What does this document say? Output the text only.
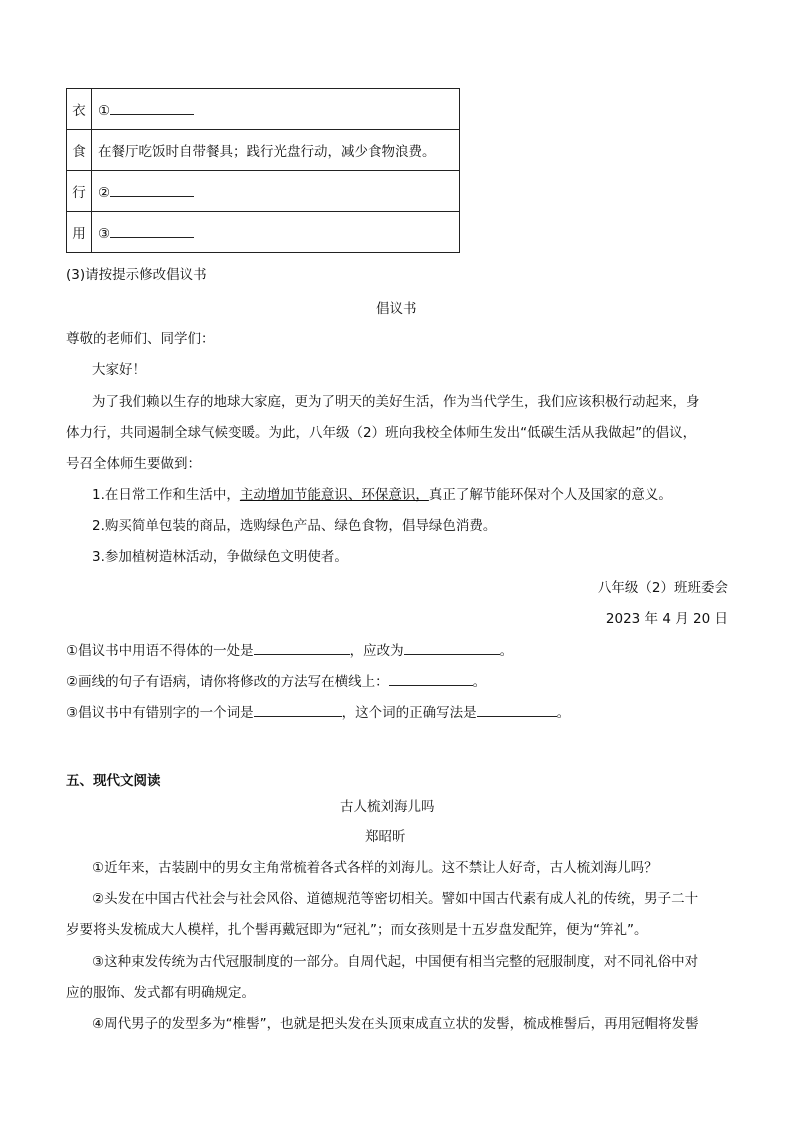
衣	①
食	在餐厅吃饭时自带餐具；践行光盘行动，减少食物浪费。
行	②
用	③
(3)请按提示修改倡议书
倡议书
尊敬的老师们、同学们：
大家好！
为了我们赖以生存的地球大家庭，更为了明天的美好生活，作为当代学生，我们应该积极行动起来，身
体力行，共同遏制全球气候变暖。为此，八年级（2）班向我校全体师生发出“低碳生活从我做起”的倡议，
号召全体师生要做到：
1.在日常工作和生活中，主动增加节能意识、环保意识，真正了解节能环保对个人及国家的意义。
2.购买简单包装的商品，选购绿色产品、绿色食物，倡导绿色消费。
3.参加植树造林活动，争做绿色文明使者。
八年级（2）班班委会
2023 年 4 月 20 日
①倡议书中用语不得体的一处是	，应改为	。
②画线的句子有语病，请你将修改的方法写在横线上：	。
③倡议书中有错别字的一个词是	，这个词的正确写法是	。
五、现代文阅读
古人梳刘海儿吗
郑昭昕
①近年来，古装剧中的男女主角常梳着各式各样的刘海儿。这不禁让人好奇，古人梳刘海儿吗？
②头发在中国古代社会与社会风俗、道德规范等密切相关。譬如中国古代素有成人礼的传统，男子二十
岁要将头发梳成大人模样，扎个髻再戴冠即为“冠礼”；而女孩则是十五岁盘发配笄，便为“笄礼”。
③这种束发传统为古代冠服制度的一部分。自周代起，中国便有相当完整的冠服制度，对不同礼俗中对
应的服饰、发式都有明确规定。
④周代男子的发型多为“椎髻”，也就是把头发在头顶束成直立状的发髻，梳成椎髻后，再用冠帽将发髻
